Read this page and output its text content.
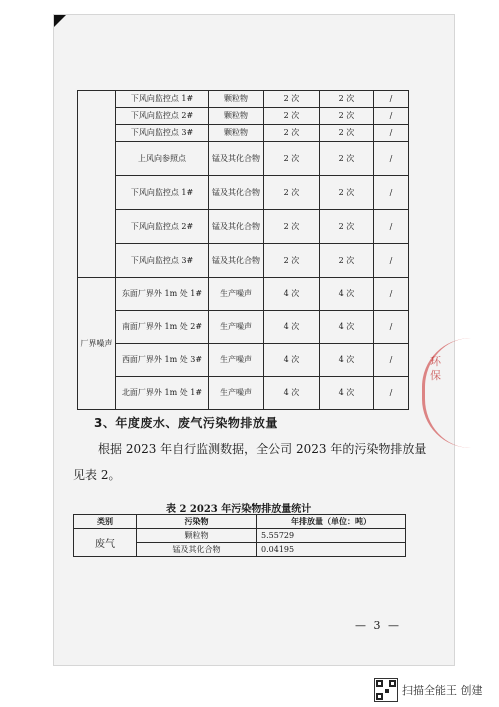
环保
	下风向监控点 1#	颗粒物	2 次	2 次	/
	下风向监控点 2#	颗粒物	2 次	2 次	/
	下风向监控点 3#	颗粒物	2 次	2 次	/
	上风向参照点	锰及其化合物	2 次	2 次	/
	下风向监控点 1#	锰及其化合物	2 次	2 次	/
	下风向监控点 2#	锰及其化合物	2 次	2 次	/
	下风向监控点 3#	锰及其化合物	2 次	2 次	/
厂界噪声	东面厂界外 1m 处 1#	生产噪声	4 次	4 次	/
	南面厂界外 1m 处 2#	生产噪声	4 次	4 次	/
	西面厂界外 1m 处 3#	生产噪声	4 次	4 次	/
	北面厂界外 1m 处 1#	生产噪声	4 次	4 次	/
3、年度废水、废气污染物排放量
根据 2023 年自行监测数据，全公司 2023 年的污染物排放量
见表 2。
表 2 2023 年污染物排放量统计
类别	污染物	年排放量（单位：吨）
废气	颗粒物	5.55729
	锰及其化合物	0.04195
— 3 —
扫描全能王 创建
